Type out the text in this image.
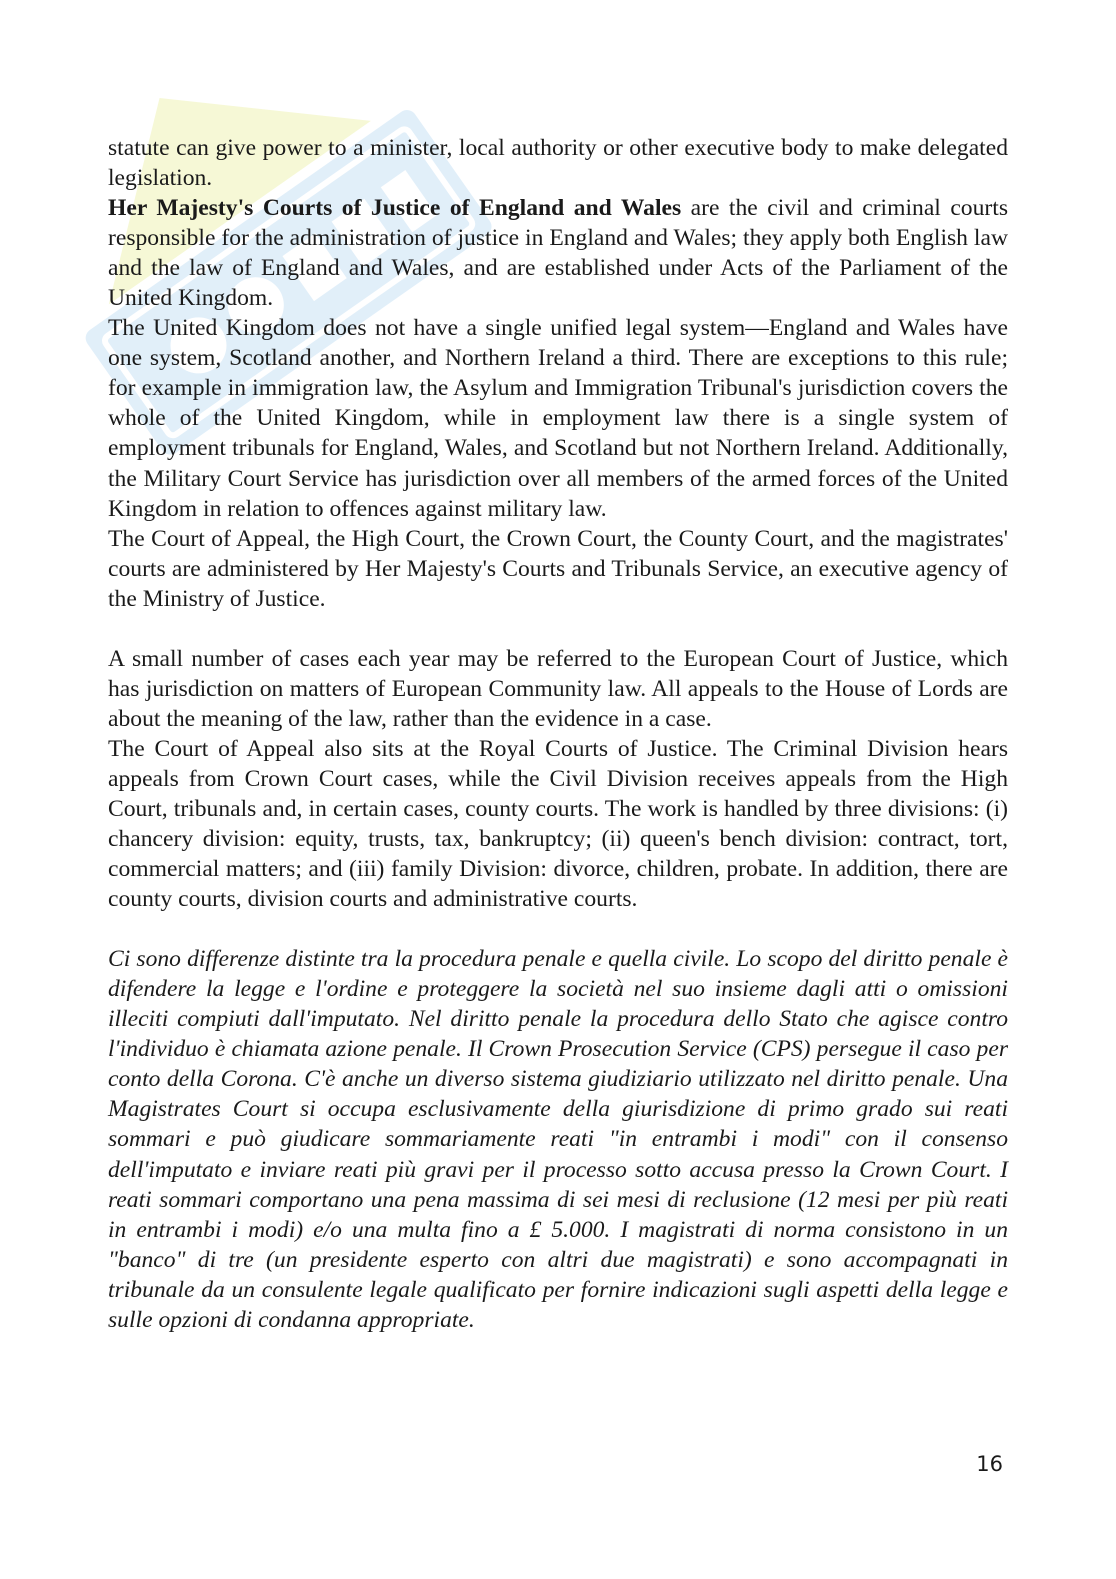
statute can give power to a minister, local authority or other executive body to make delegated legislation.

Her Majesty's Courts of Justice of England and Wales are the civil and criminal courts responsible for the administration of justice in England and Wales; they apply both English law and the law of England and Wales, and are established under Acts of the Parliament of the United Kingdom.

The United Kingdom does not have a single unified legal system—England and Wales have one system, Scotland another, and Northern Ireland a third. There are exceptions to this rule; for example in immigration law, the Asylum and Immigration Tribunal's jurisdiction covers the whole of the United Kingdom, while in employment law there is a single system of employment tribunals for England, Wales, and Scotland but not Northern Ireland. Additionally, the Military Court Service has jurisdiction over all members of the armed forces of the United Kingdom in relation to offences against military law.

The Court of Appeal, the High Court, the Crown Court, the County Court, and the magistrates' courts are administered by Her Majesty's Courts and Tribunals Service, an executive agency of the Ministry of Justice.

A small number of cases each year may be referred to the European Court of Justice, which has jurisdiction on matters of European Community law. All appeals to the House of Lords are about the meaning of the law, rather than the evidence in a case.

The Court of Appeal also sits at the Royal Courts of Justice. The Criminal Division hears appeals from Crown Court cases, while the Civil Division receives appeals from the High Court, tribunals and, in certain cases, county courts. The work is handled by three divisions: (i) chancery division: equity, trusts, tax, bankruptcy; (ii) queen's bench division: contract, tort, commercial matters; and (iii) family Division: divorce, children, probate. In addition, there are county courts, division courts and administrative courts.

Ci sono differenze distinte tra la procedura penale e quella civile. Lo scopo del diritto penale è difendere la legge e l'ordine e proteggere la società nel suo insieme dagli atti o omissioni illeciti compiuti dall'imputato. Nel diritto penale la procedura dello Stato che agisce contro l'individuo è chiamata azione penale. Il Crown Prosecution Service (CPS) persegue il caso per conto della Corona. C'è anche un diverso sistema giudiziario utilizzato nel diritto penale. Una Magistrates Court si occupa esclusivamente della giurisdizione di primo grado sui reati sommari e può giudicare sommariamente reati "in entrambi i modi" con il consenso dell'imputato e inviare reati più gravi per il processo sotto accusa presso la Crown Court. I reati sommari comportano una pena massima di sei mesi di reclusione (12 mesi per più reati in entrambi i modi) e/o una multa fino a £ 5.000. I magistrati di norma consistono in un "banco" di tre (un presidente esperto con altri due magistrati) e sono accompagnati in tribunale da un consulente legale qualificato per fornire indicazioni sugli aspetti della legge e sulle opzioni di condanna appropriate.

16
